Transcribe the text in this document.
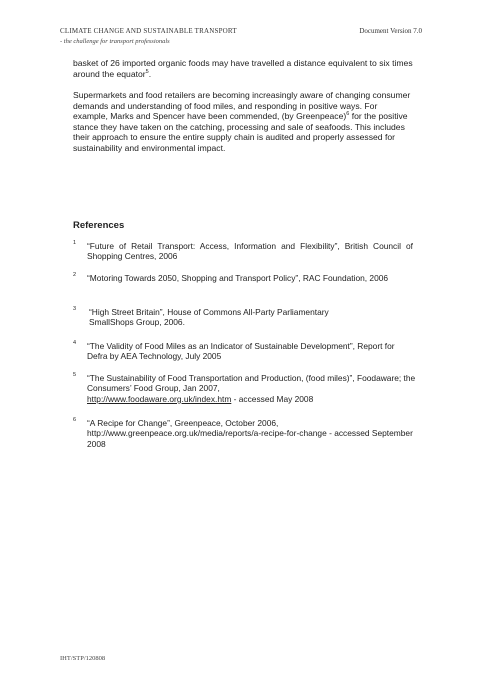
CLIMATE CHANGE AND SUSTAINABLE TRANSPORT
- the challenge for transport professionals
Document Version 7.0
basket of 26 imported organic foods may have travelled a distance equivalent to six times around the equator$^5$.
Supermarkets and food retailers are becoming increasingly aware of changing consumer demands and understanding of food miles, and responding in positive ways. For example, Marks and Spencer have been commended, (by Greenpeace)$^6$ for the positive stance they have taken on the catching, processing and sale of seafoods. This includes their approach to ensure the entire supply chain is audited and properly assessed for sustainability and environmental impact.
References
1 “Future of Retail Transport: Access, Information and Flexibility”, British Council of Shopping Centres, 2006
2 “Motoring Towards 2050, Shopping and Transport Policy”, RAC Foundation, 2006
3 “High Street Britain”, House of Commons All-Party Parliamentary SmallShops Group, 2006.
4 “The Validity of Food Miles as an Indicator of Sustainable Development”, Report for Defra by AEA Technology, July 2005
5 “The Sustainability of Food Transportation and Production, (food miles)”, Foodaware; the Consumers’ Food Group, Jan 2007,
http://www.foodaware.org.uk/index.htm - accessed May 2008
6 “A Recipe for Change”, Greenpeace, October 2006,
http://www.greenpeace.org.uk/media/reports/a-recipe-for-change - accessed September 2008
IHT/STP/120808
